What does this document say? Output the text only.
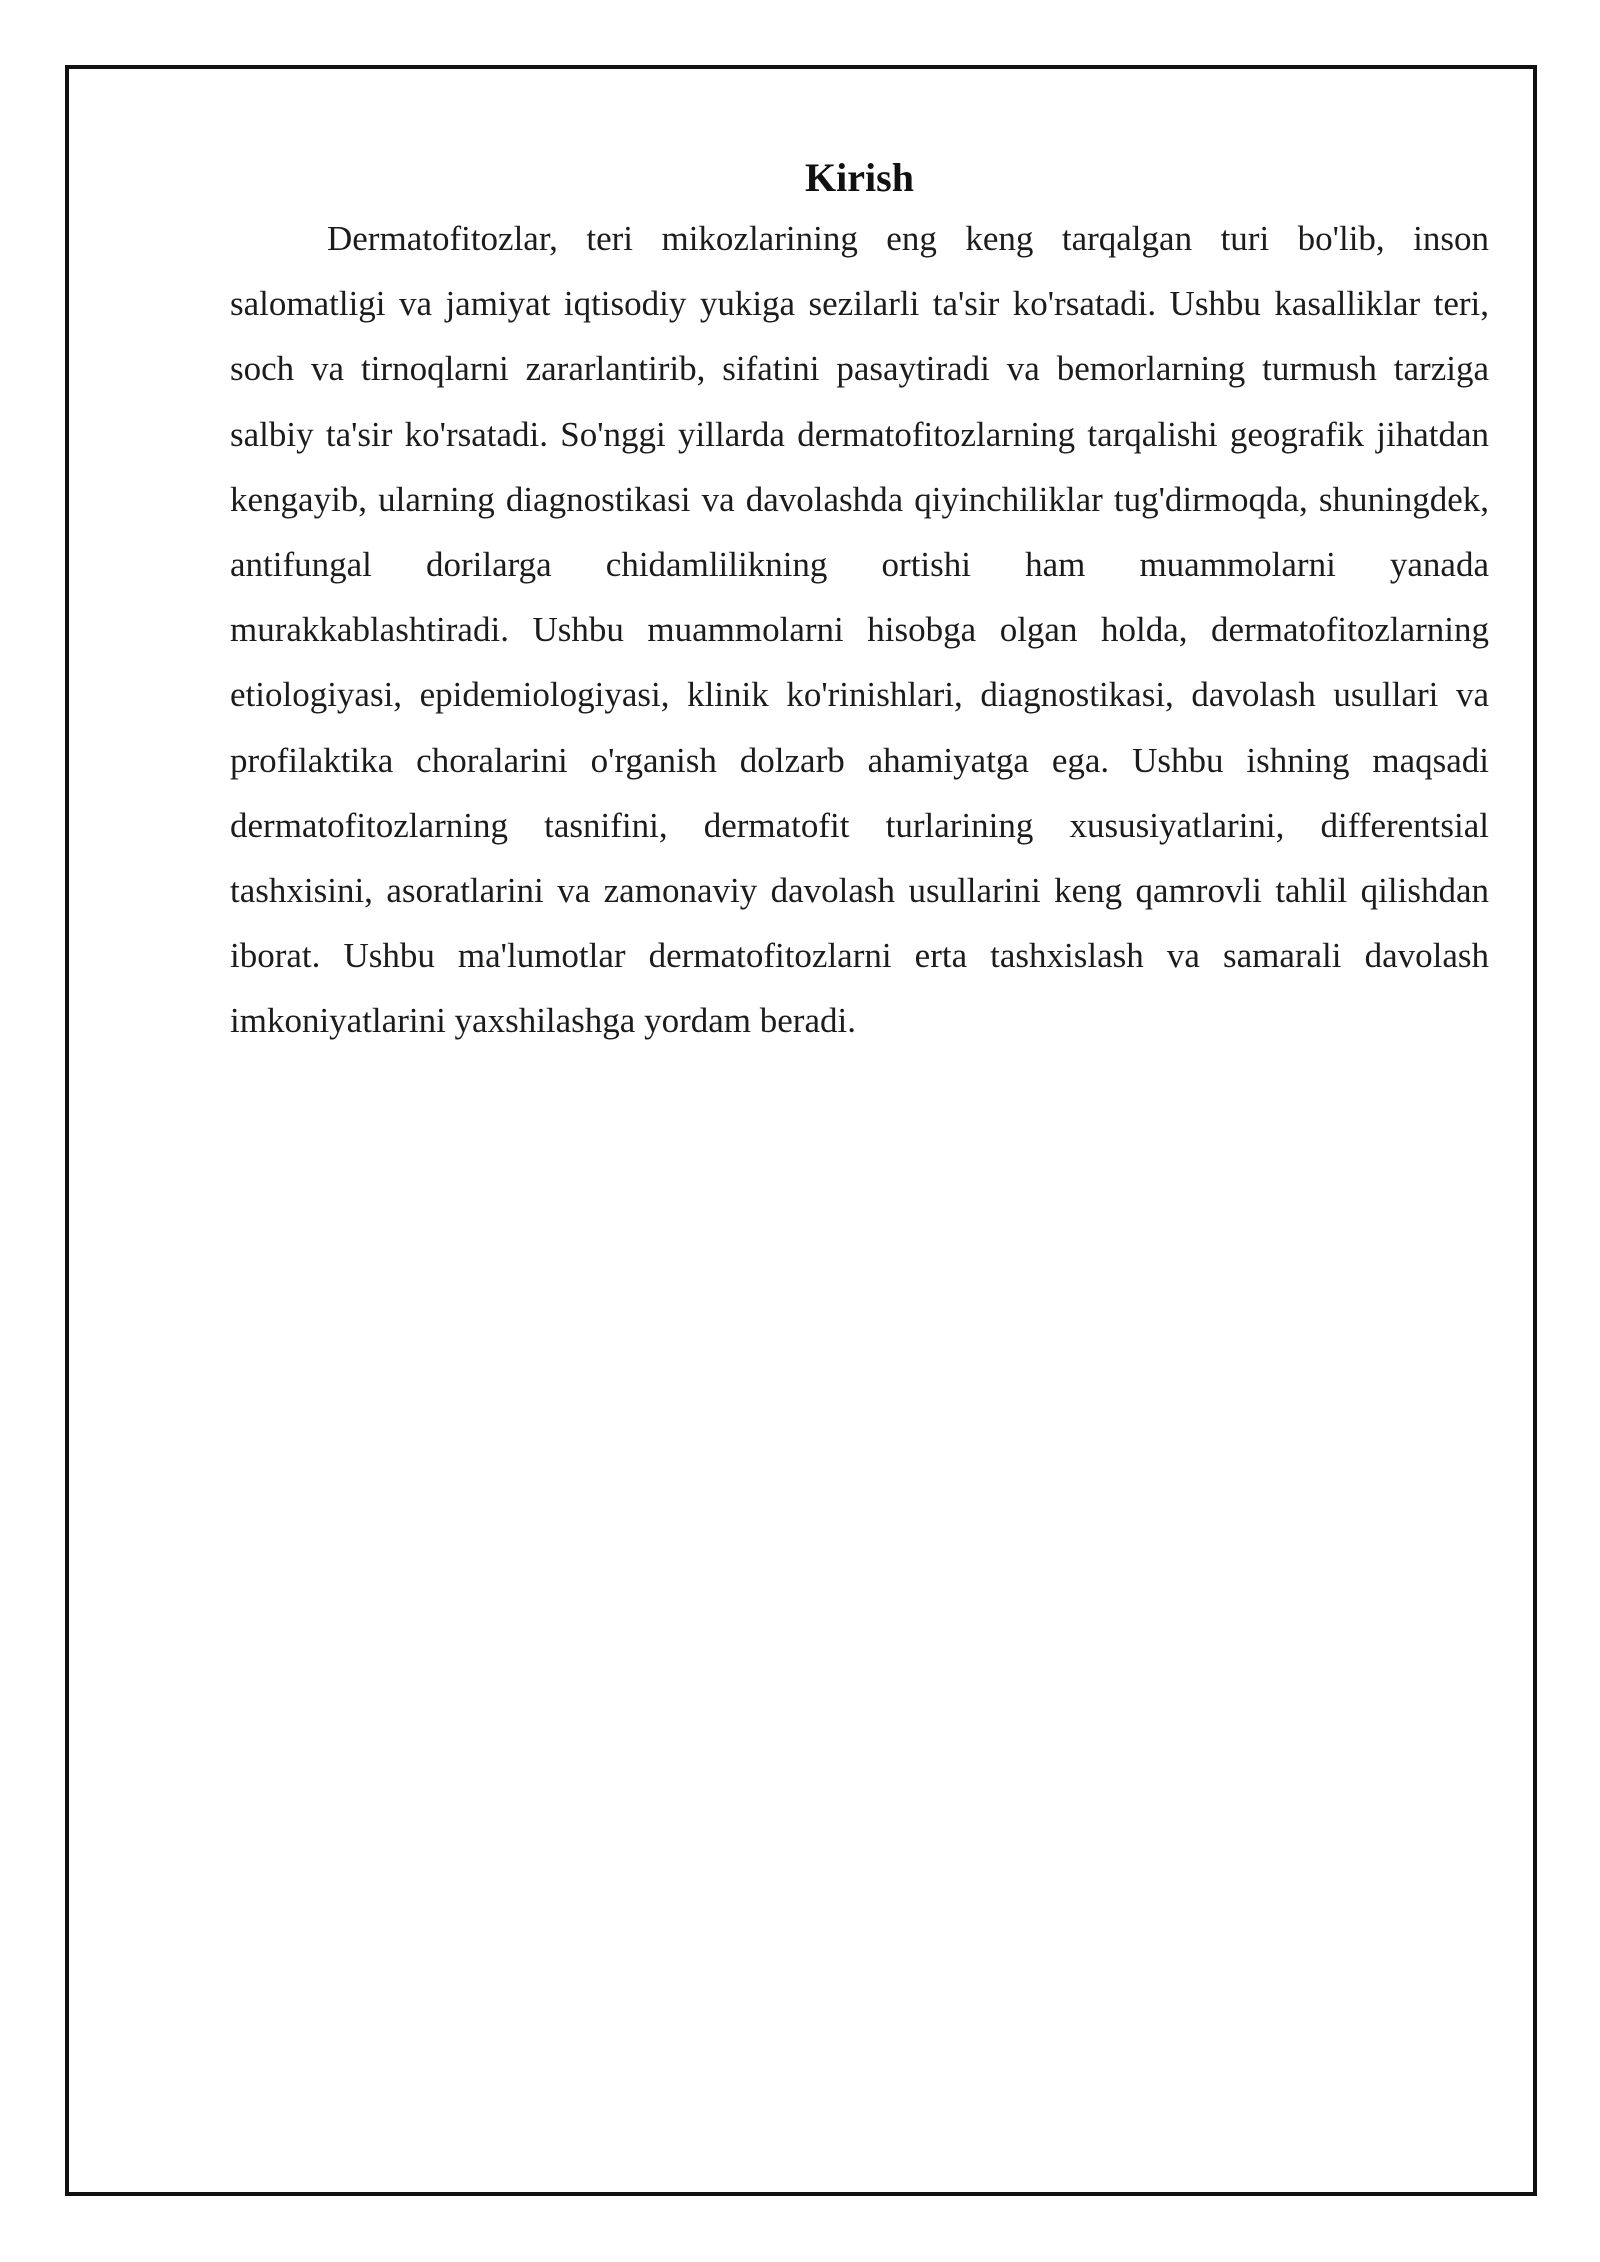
Kirish

Dermatofitozlar, teri mikozlarining eng keng tarqalgan turi bo'lib, inson salomatligi va jamiyat iqtisodiy yukiga sezilarli ta'sir ko'rsatadi. Ushbu kasalliklar teri, soch va tirnoqlarni zararlantirib, sifatini pasaytiradi va bemorlarning turmush tarziga salbiy ta'sir ko'rsatadi. So'nggi yillarda dermatofitozlarning tarqalishi geografik jihatdan kengayib, ularning diagnostikasi va davolashda qiyinchiliklar tug'dirmoqda, shuningdek, antifungal dorilarga chidamlilikning ortishi ham muammolarni yanada murakkablashtiradi. Ushbu muammolarni hisobga olgan holda, dermatofitozlarning etiologiyasi, epidemiologiyasi, klinik ko'rinishlari, diagnostikasi, davolash usullari va profilaktika choralarini o'rganish dolzarb ahamiyatga ega. Ushbu ishning maqsadi dermatofitozlarning tasnifini, dermatofit turlarining xususiyatlarini, differentsial tashxisini, asoratlarini va zamonaviy davolash usullarini keng qamrovli tahlil qilishdan iborat. Ushbu ma'lumotlar dermatofitozlarni erta tashxislash va samarali davolash imkoniyatlarini yaxshilashga yordam beradi.
